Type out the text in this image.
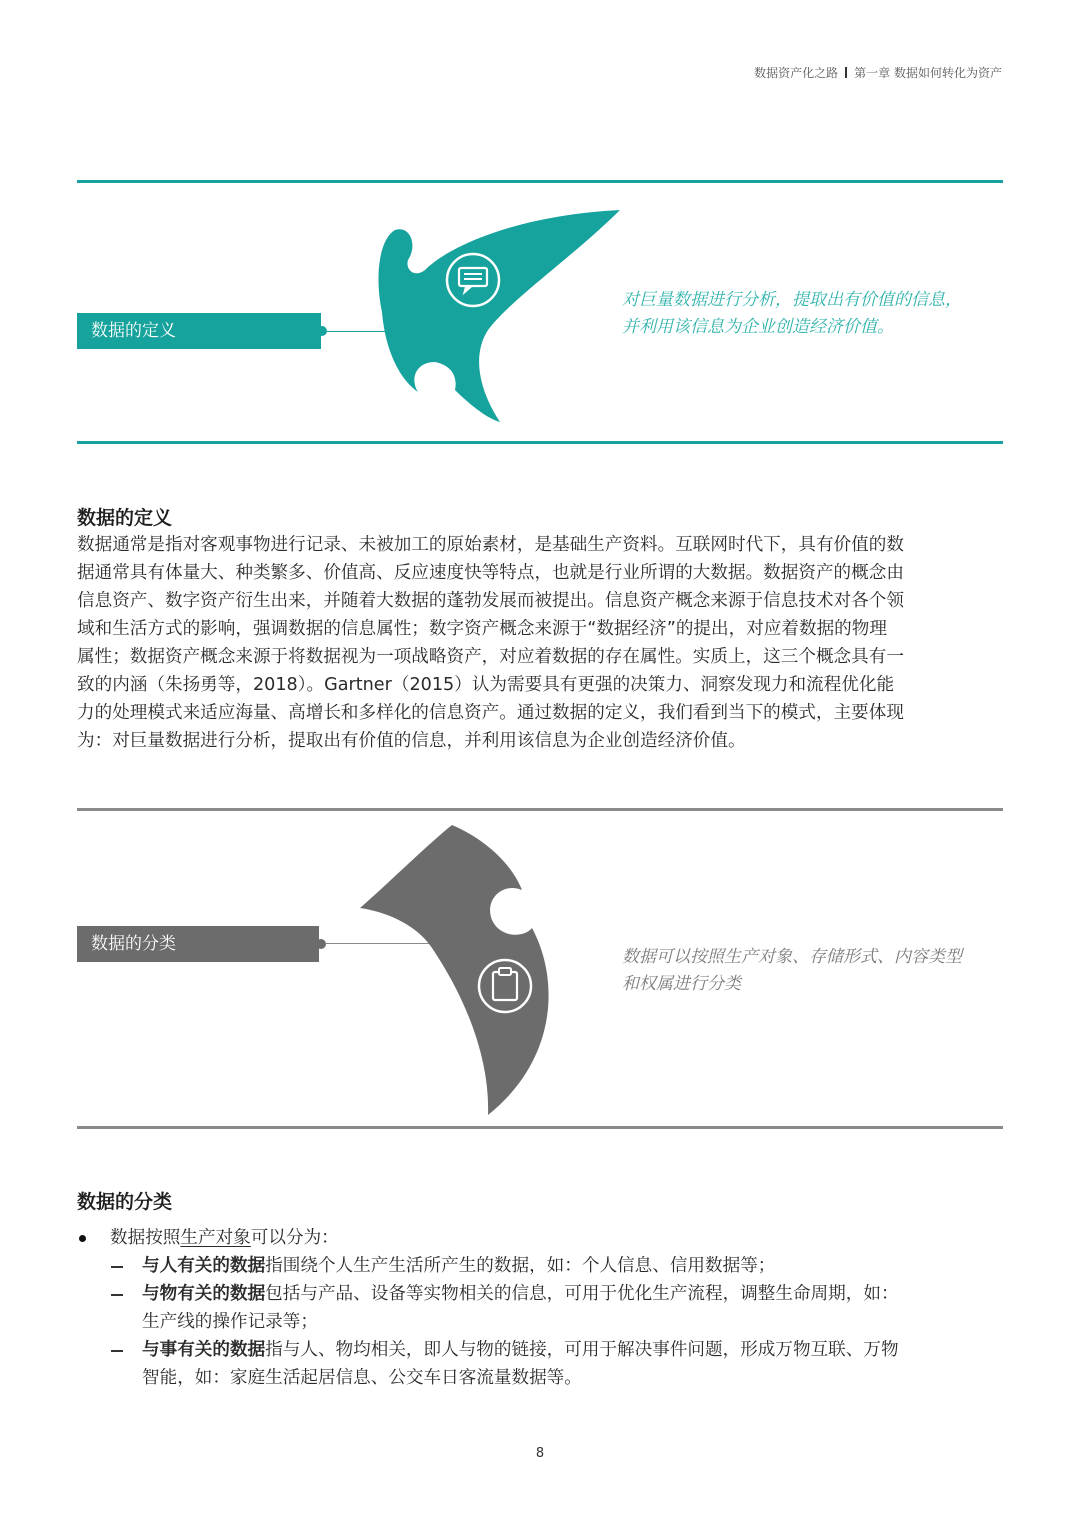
数据资产化之路 第一章 数据如何转化为资产
数据的定义
对巨量数据进行分析，提取出有价值的信息，
并利用该信息为企业创造经济价值。
数据的定义
数据通常是指对客观事物进行记录、未被加工的原始素材，是基础生产资料。互联网时代下，具有价值的数
据通常具有体量大、种类繁多、价值高、反应速度快等特点，也就是行业所谓的大数据。数据资产的概念由
信息资产、数字资产衍生出来，并随着大数据的蓬勃发展而被提出。信息资产概念来源于信息技术对各个领
域和生活方式的影响，强调数据的信息属性；数字资产概念来源于“数据经济”的提出，对应着数据的物理
属性；数据资产概念来源于将数据视为一项战略资产，对应着数据的存在属性。实质上，这三个概念具有一
致的内涵（朱扬勇等，2018）。Gartner（2015）认为需要具有更强的决策力、洞察发现力和流程优化能
力的处理模式来适应海量、高增长和多样化的信息资产。通过数据的定义，我们看到当下的模式，主要体现
为：对巨量数据进行分析，提取出有价值的信息，并利用该信息为企业创造经济价值。
数据的分类
数据可以按照生产对象、存储形式、内容类型
和权属进行分类
数据的分类
数据按照生产对象可以分为：
与人有关的数据指围绕个人生产生活所产生的数据，如：个人信息、信用数据等；
与物有关的数据包括与产品、设备等实物相关的信息，可用于优化生产流程，调整生命周期，如：
生产线的操作记录等；
与事有关的数据指与人、物均相关，即人与物的链接，可用于解决事件问题，形成万物互联、万物
智能，如：家庭生活起居信息、公交车日客流量数据等。
8
